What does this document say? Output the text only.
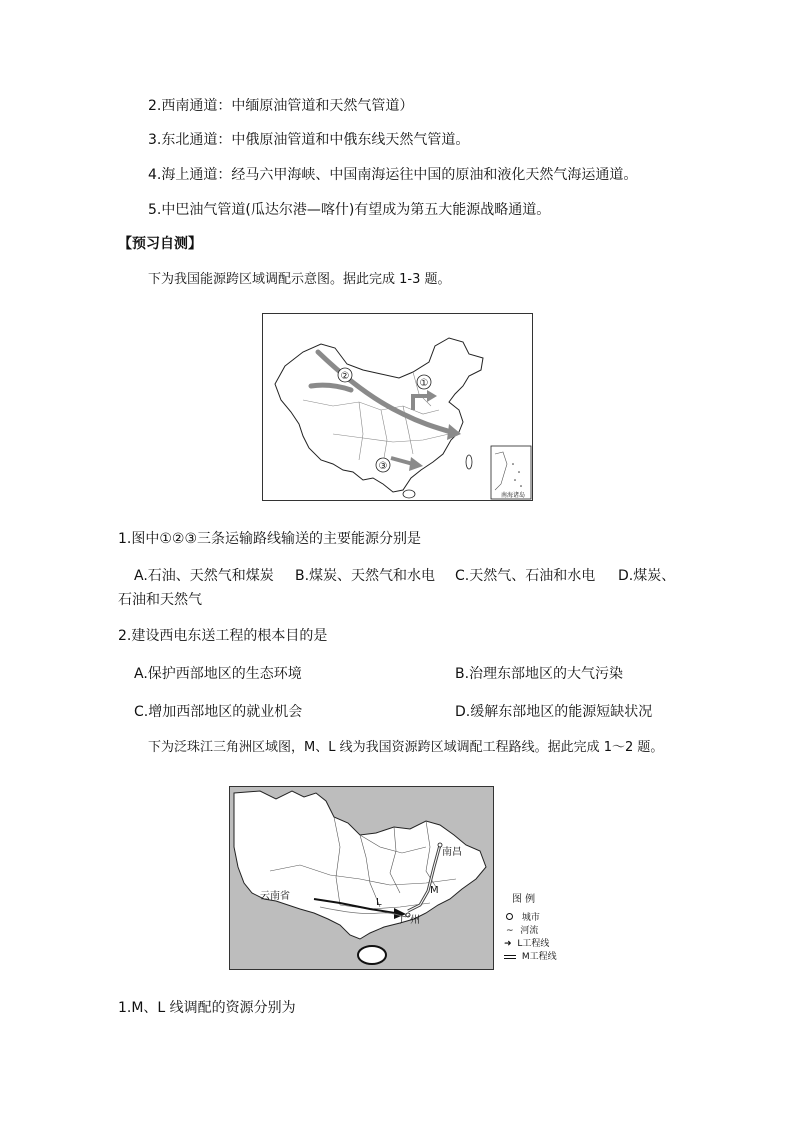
2.西南通道：中缅原油管道和天然气管道）
3.东北通道：中俄原油管道和中俄东线天然气管道。
4.海上通道：经马六甲海峡、中国南海运往中国的原油和液化天然气海运通道。
5.中巴油气管道(瓜达尔港—喀什)有望成为第五大能源战略通道。
【预习自测】
下为我国能源跨区域调配示意图。据此完成 1-3 题。
②
①
③
南海诸岛
1.图中①②③三条运输路线输送的主要能源分别是
A.石油、天然气和煤炭 B.煤炭、天然气和水电 C.天然气、石油和水电 D.煤炭、
石油和天然气
2.建设西电东送工程的根本目的是
A.保护西部地区的生态环境	B.治理东部地区的大气污染
C.增加西部地区的就业机会	D.缓解东部地区的能源短缺状况
下为泛珠江三角洲区域图，M、L 线为我国资源跨区域调配工程路线。据此完成 1～2 题。
云南省
南昌
M
L
广州
图 例
城市
~ 河流
➜ L工程线
M工程线
1.M、L 线调配的资源分别为
